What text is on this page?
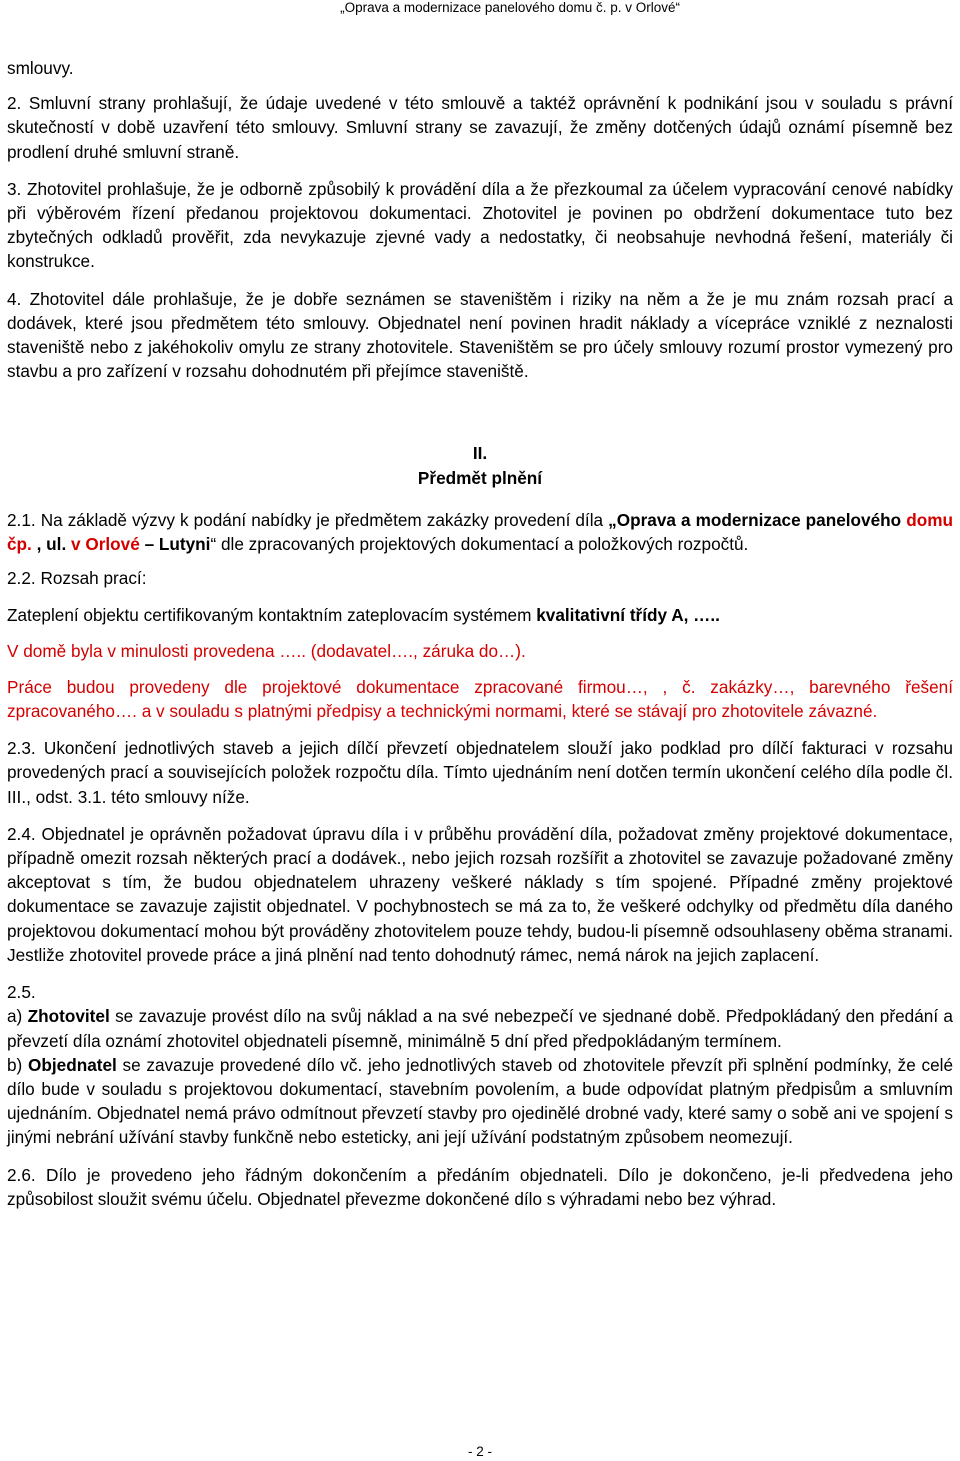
„Oprava a modernizace panelového domu č. p. v Orlové“

smlouvy.

2. Smluvní strany prohlašují, že údaje uvedené v této smlouvě a taktéž oprávnění k podnikání jsou v souladu s právní skutečností v době uzavření této smlouvy. Smluvní strany se zavazují, že změny dotčených údajů oznámí písemně bez prodlení druhé smluvní straně.

3. Zhotovitel prohlašuje, že je odborně způsobilý k provádění díla a že přezkoumal za účelem vypracování cenové nabídky při výběrovém řízení předanou projektovou dokumentaci. Zhotovitel je povinen po obdržení dokumentace tuto bez zbytečných odkladů prověřit, zda nevykazuje zjevné vady a nedostatky, či neobsahuje nevhodná řešení, materiály či konstrukce.

4. Zhotovitel dále prohlašuje, že je dobře seznámen se staveništěm i riziky na něm a že je mu znám rozsah prací a dodávek, které jsou předmětem této smlouvy. Objednatel není povinen hradit náklady a vícepráce vzniklé z neznalosti staveniště nebo z jakéhokoliv omylu ze strany zhotovitele. Staveništěm se pro účely smlouvy rozumí prostor vymezený pro stavbu a pro zařízení v rozsahu dohodnutém při přejímce staveniště.

II.

Předmět plnění

2.1. Na základě výzvy k podání nabídky je předmětem zakázky provedení díla „Oprava a modernizace panelového domu čp. , ul. v Orlové – Lutyni“ dle zpracovaných projektových dokumentací a položkových rozpočtů.

2.2. Rozsah prací:

Zateplení objektu certifikovaným kontaktním zateplovacím systémem kvalitativní třídy A, …..

V domě byla v minulosti provedena ….. (dodavatel…., záruka do…).

Práce budou provedeny dle projektové dokumentace zpracované firmou…, , č. zakázky…, barevného řešení zpracovaného…. a v souladu s platnými předpisy a technickými normami, které se stávají pro zhotovitele závazné.

2.3. Ukončení jednotlivých staveb a jejich dílčí převzetí objednatelem slouží jako podklad pro dílčí fakturaci v rozsahu provedených prací a souvisejících položek rozpočtu díla. Tímto ujednáním není dotčen termín ukončení celého díla podle čl. III., odst. 3.1. této smlouvy níže.

2.4. Objednatel je oprávněn požadovat úpravu díla i v průběhu provádění díla, požadovat změny projektové dokumentace, případně omezit rozsah některých prací a dodávek., nebo jejich rozsah rozšířit a zhotovitel se zavazuje požadované změny akceptovat s tím, že budou objednatelem uhrazeny veškeré náklady s tím spojené. Případné změny projektové dokumentace se zavazuje zajistit objednatel. V pochybnostech se má za to, že veškeré odchylky od předmětu díla daného projektovou dokumentací mohou být prováděny zhotovitelem pouze tehdy, budou-li písemně odsouhlaseny oběma stranami. Jestliže zhotovitel provede práce a jiná plnění nad tento dohodnutý rámec, nemá nárok na jejich zaplacení.

2.5.

a) Zhotovitel se zavazuje provést dílo na svůj náklad a na své nebezpečí ve sjednané době. Předpokládaný den předání a převzetí díla oznámí zhotovitel objednateli písemně, minimálně 5 dní před předpokládaným termínem.

b) Objednatel se zavazuje provedené dílo vč. jeho jednotlivých staveb od zhotovitele převzít při splnění podmínky, že celé dílo bude v souladu s projektovou dokumentací, stavebním povolením, a bude odpovídat platným předpisům a smluvním ujednáním. Objednatel nemá právo odmítnout převzetí stavby pro ojedinělé drobné vady, které samy o sobě ani ve spojení s jinými nebrání užívání stavby funkčně nebo esteticky, ani její užívání podstatným způsobem neomezují.

2.6. Dílo je provedeno jeho řádným dokončením a předáním objednateli. Dílo je dokončeno, je-li předvedena jeho způsobilost sloužit svému účelu. Objednatel převezme dokončené dílo s výhradami nebo bez výhrad.

- 2 -
